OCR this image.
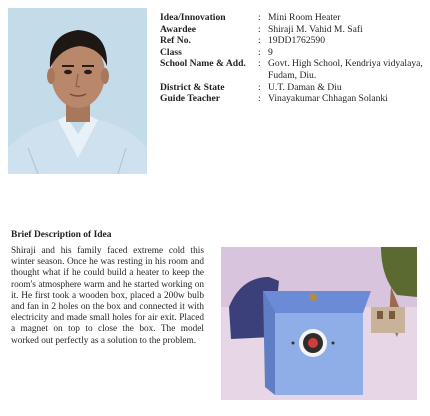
Idea/Innovation	: Mini Room Heater
Awardee	: Shiraji M. Vahid M. Safi
Ref No.	: 19DD1762590
Class	: 9
School Name & Add.	: Govt. High School, Kendriya vidyalaya, Fudam, Diu.
District & State	: U.T. Daman & Diu
Guide Teacher	: Vinayakumar Chhagan Solanki
Brief Description of Idea
Shiraji and his family faced extreme cold this winter season. Once he was resting in his room and thought what if he could build a heater to keep the room's atmosphere warm and he started working on it. He first took a wooden box, placed a 200w bulb and fan in 2 holes on the box and connected it with electricity and made small holes for air exit. Placed a magnet on top to close the box. The model worked out perfectly as a solution to the problem.
